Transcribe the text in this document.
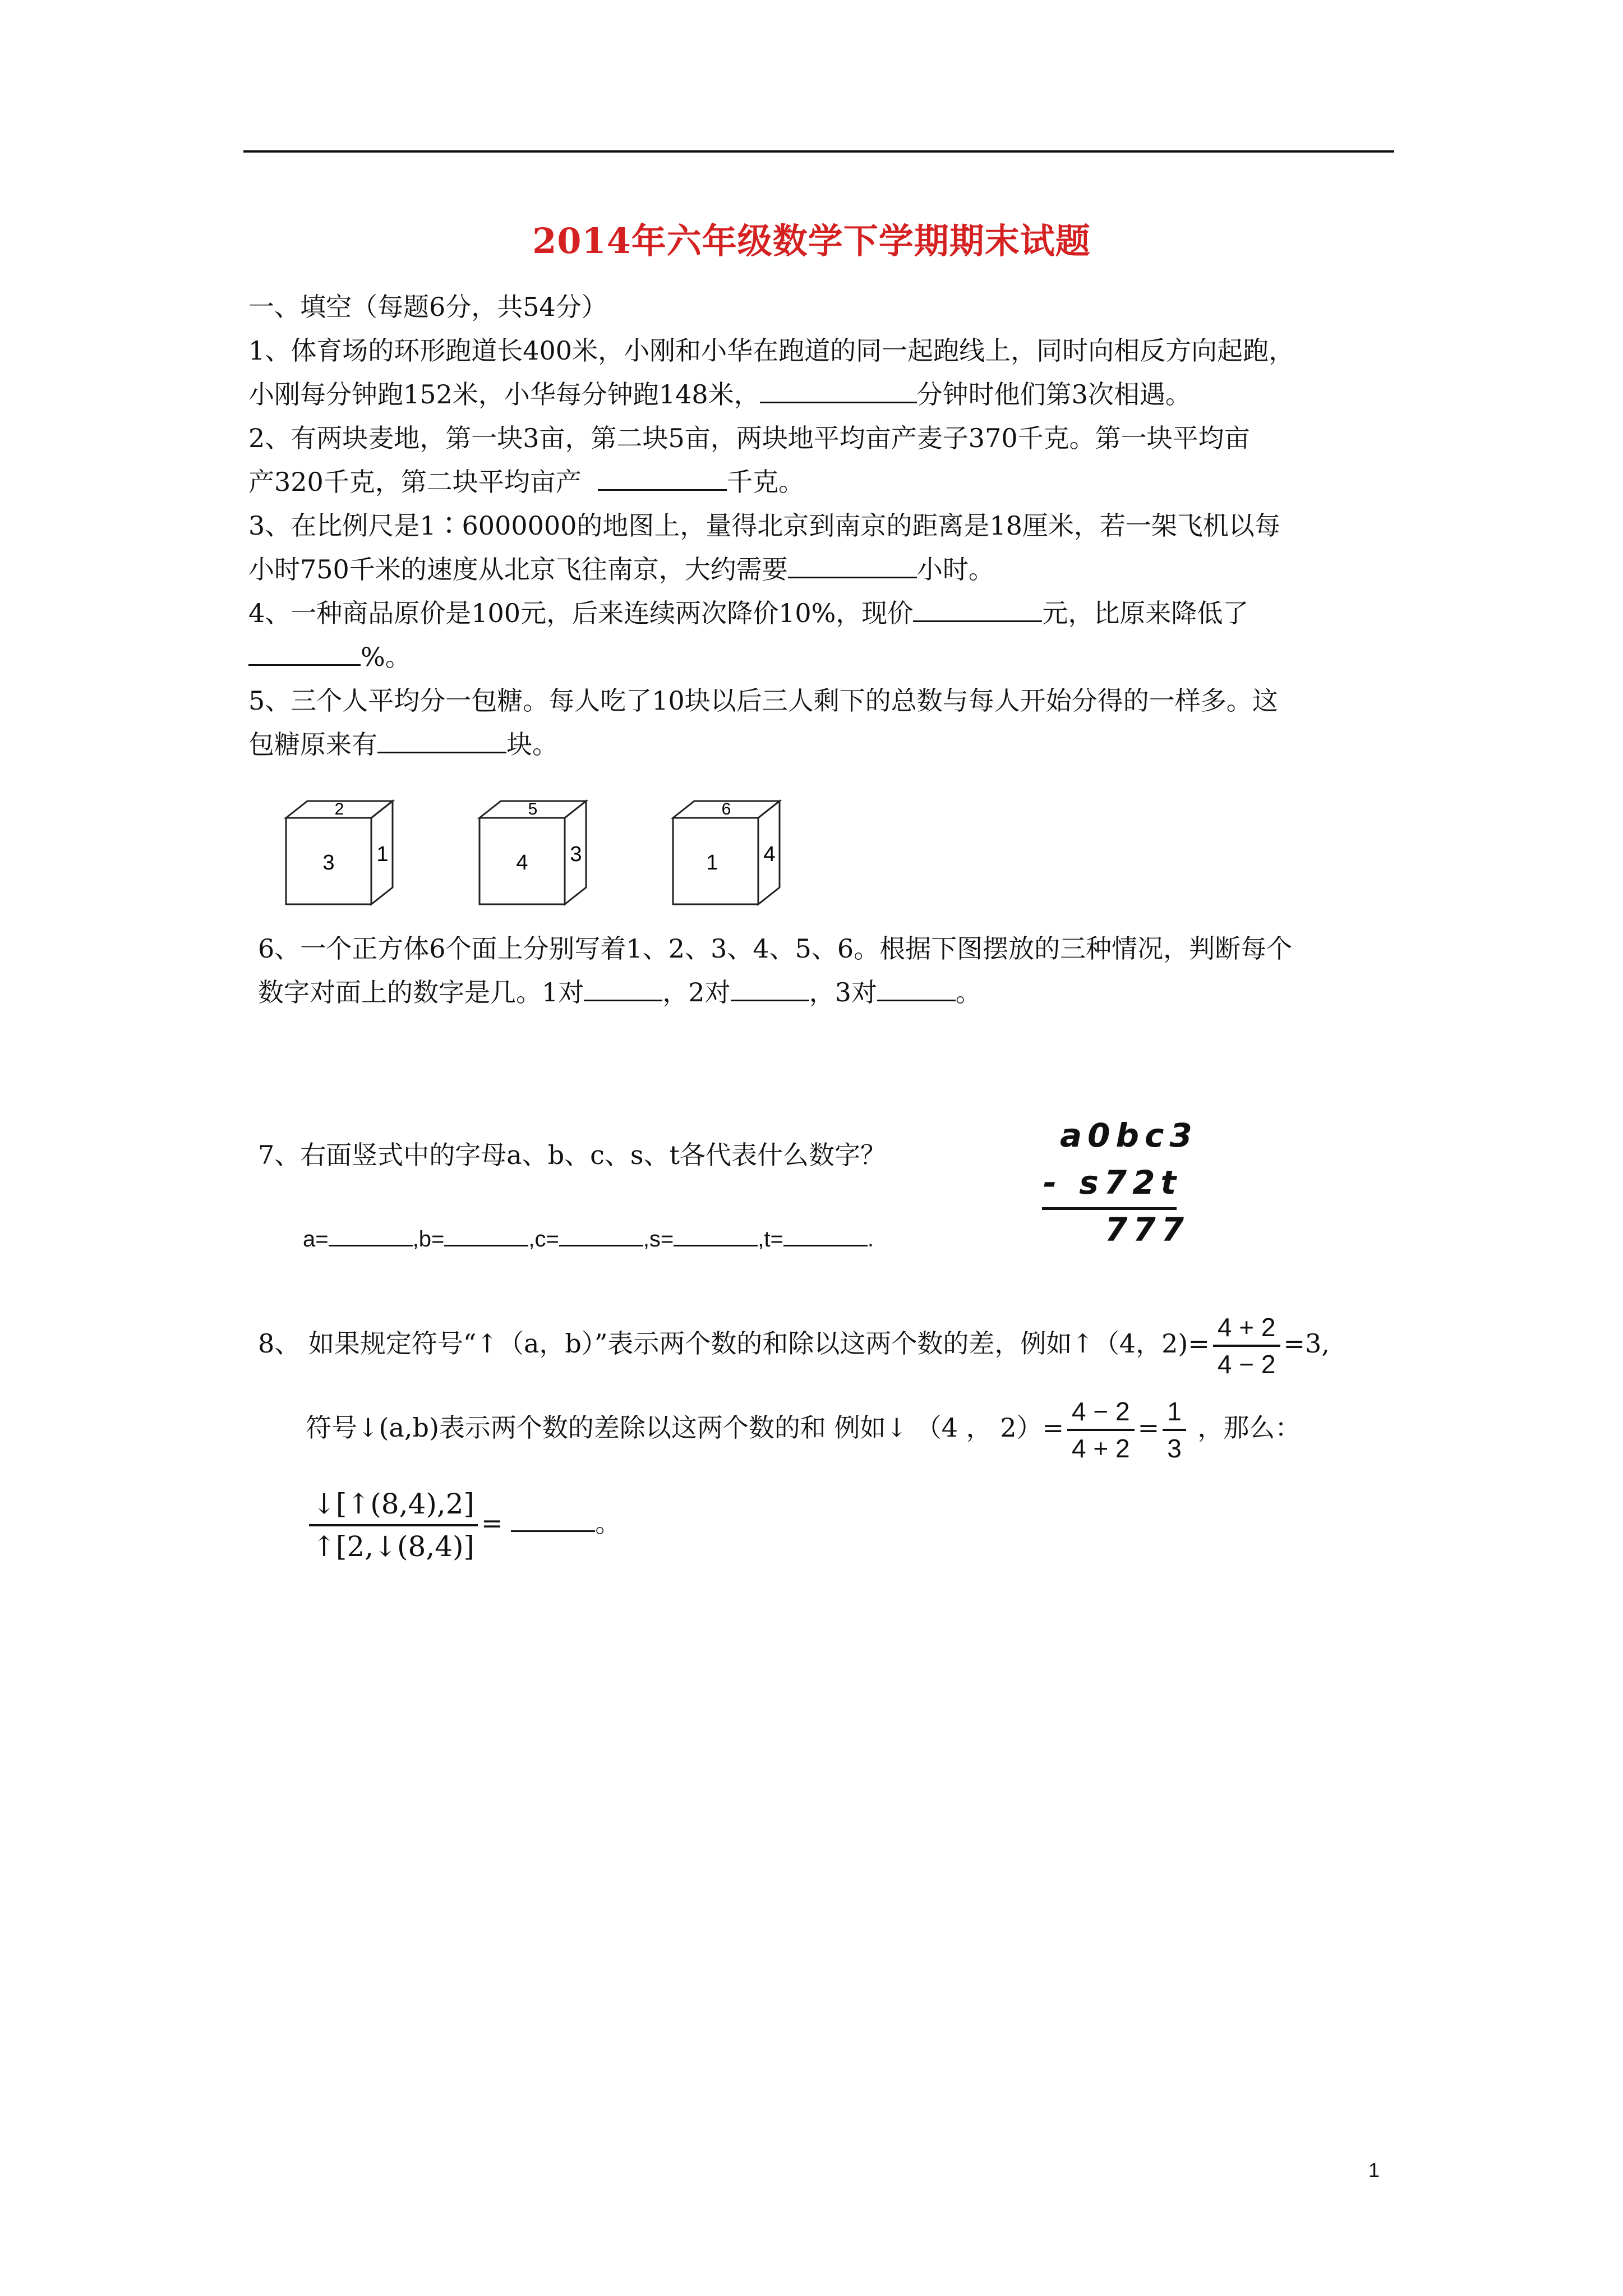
2014年六年级数学下学期期末试题
一、填空（每题6分，共54分）
1、体育场的环形跑道长400米，小刚和小华在跑道的同一起跑线上，同时向相反方向起跑，
小刚每分钟跑152米，小华每分钟跑148米，	分钟时他们第3次相遇。
2、有两块麦地，第一块3亩，第二块5亩，两块地平均亩产麦子370千克。第一块平均亩
产320千克，第二块平均亩产	千克。
3、在比例尺是1∶6000000的地图上，量得北京到南京的距离是18厘米，若一架飞机以每
小时750千米的速度从北京飞往南京，大约需要	小时。
4、一种商品原价是100元，后来连续两次降价10%，现价	元，比原来降低了
%。
5、三个人平均分一包糖。每人吃了10块以后三人剩下的总数与每人开始分得的一样多。这
包糖原来有	块。
2
3 1
5
4 3
6
1 4
6、一个正方体6个面上分别写着1、2、3、4、5、6。根据下图摆放的三种情况，判断每个
数字对面上的数字是几。1对	，2对	，3对	。
7、右面竖式中的字母a、b、c、s、t各代表什么数字？
a=	,b=	,c=	,s=	,t=	.
a0bc3
- s72t
777
8、 如果规定符号“↑（a，b）”表示两个数的和除以这两个数的差，例如↑（4，$2)= \frac{4 + 2}{4 - 2} =3$,
符号↓(a,b)表示两个数的差除以这两个数的和 例如↓ （4 ， $2)= \frac{4 - 2}{4 + 2} = \frac{1}{3}$ ，那么：
$\frac{↓[↑(8,4),2]}{↑[2,↓(8,4)]}$ =	。
1
